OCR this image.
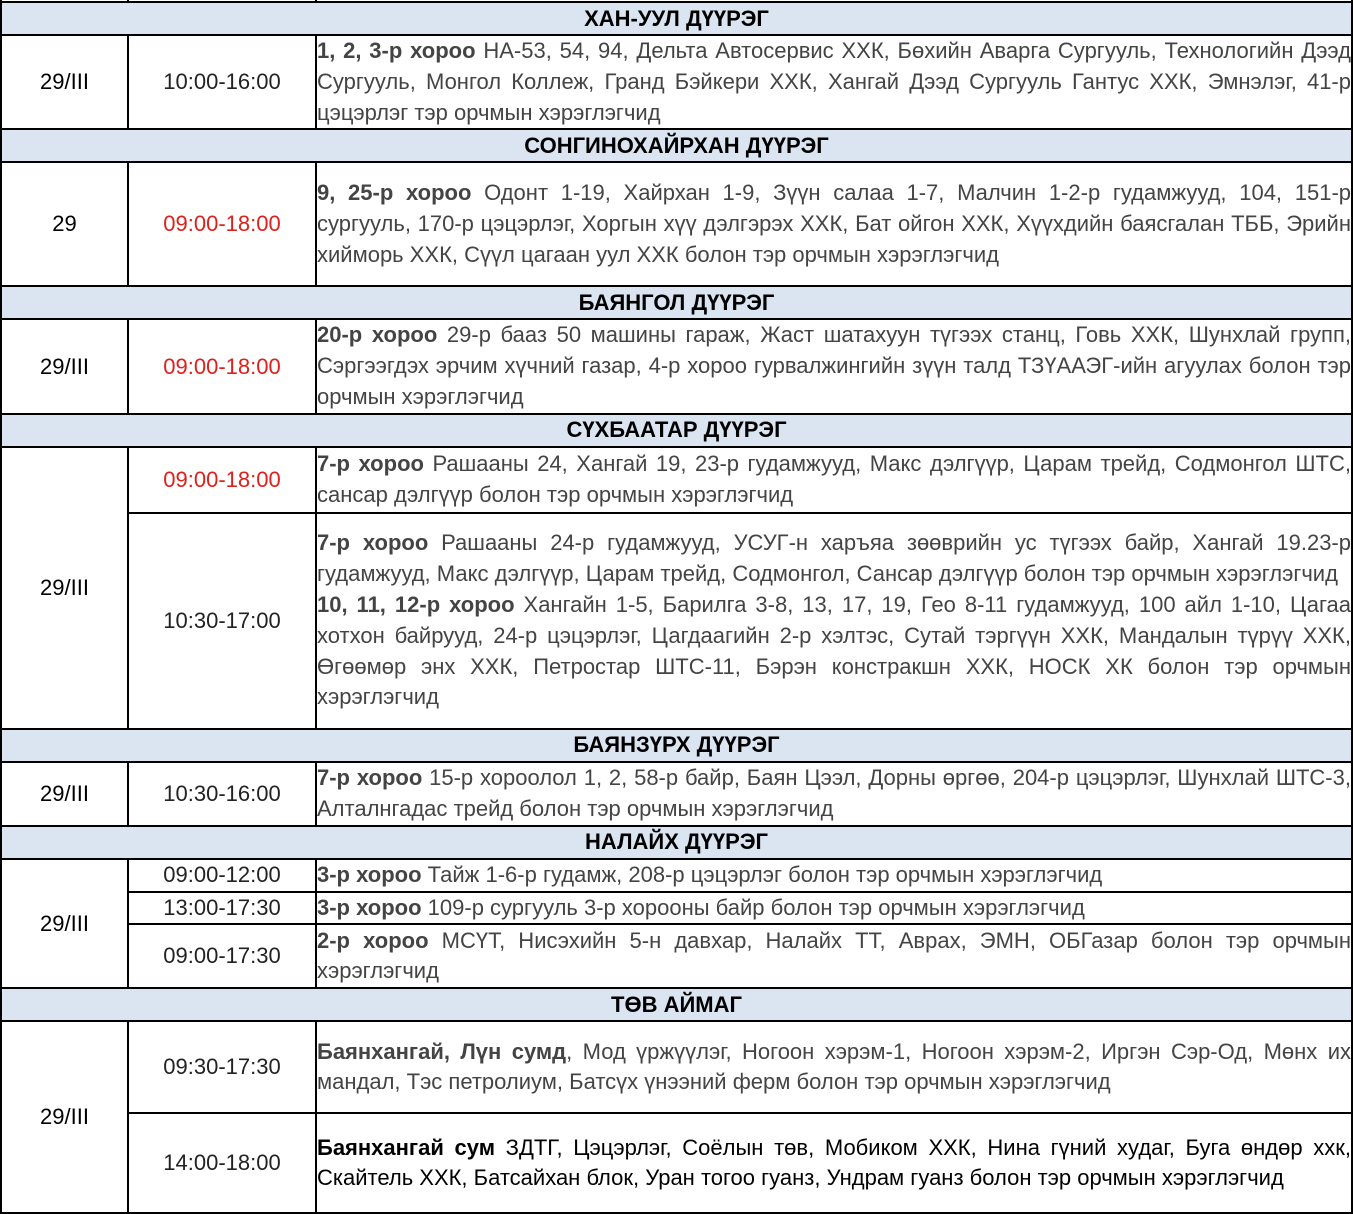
ХАН-УУЛ ДҮҮРЭГ		
29/III	10:00-16:00	1, 2, 3-р хороо НА-53, 54, 94, Дельта Автосервис ХХК, Бөхийн Аварга Сургууль, Технологийн Дээд Сургууль, Монгол Коллеж, Гранд Бэйкери ХХК, Хангай Дээд Сургууль Гантус ХХК, Эмнэлэг, 41-р цэцэрлэг тэр орчмын хэрэглэгчид
СОНГИНОХАЙРХАН ДҮҮРЭГ		
29	09:00-18:00	9, 25-р хороо Одонт 1-19, Хайрхан 1-9, Зүүн салаа 1-7, Малчин 1-2-р гудамжууд, 104, 151-р сургууль, 170-р цэцэрлэг, Хоргын хүү дэлгэрэх ХХК, Бат ойгон ХХК, Хүүхдийн баясгалан ТББ, Эрийн хийморь ХХК, Сүүл цагаан уул ХХК болон тэр орчмын хэрэглэгчид
БАЯНГОЛ ДҮҮРЭГ		
29/III	09:00-18:00	20-р хороо 29-р бааз 50 машины гараж, Жаст шатахуун түгээх станц, Говь ХХК, Шунхлай групп, Сэргээгдэх эрчим хүчний газар, 4-р хороо гурвалжингийн зүүн талд ТЗҮААЭГ-ийн агуулах болон тэр орчмын хэрэглэгчид
СҮХБААТАР ДҮҮРЭГ		
29/III	09:00-18:00	7-р хороо Рашааны 24, Хангай 19, 23-р гудамжууд, Макс дэлгүүр, Царам трейд, Содмонгол ШТС, сансар дэлгүүр болон тэр орчмын хэрэглэгчид
	10:30-17:00	7-р хороо Рашааны 24-р гудамжууд, УСУГ-н харъяа зөөврийн ус түгээх байр, Хангай 19.23-р гудамжууд, Макс дэлгүүр, Царам трейд, Содмонгол, Сансар дэлгүүр болон тэр орчмын хэрэглэгчид
10, 11, 12-р хороо Хангайн 1-5, Барилга 3-8, 13, 17, 19, Гео 8-11 гудамжууд, 100 айл 1-10, Цагаа хотхон байрууд, 24-р цэцэрлэг, Цагдаагийн 2-р хэлтэс, Сутай тэргүүн ХХК, Мандалын түрүү ХХК, Өгөөмөр энх ХХК, Петростар ШТС-11, Бэрэн констракшн ХХК, НОСК ХК болон тэр орчмын хэрэглэгчид

БАЯНЗҮРХ ДҮҮРЭГ		
29/III	10:30-16:00	7-р хороо 15-р хороолол 1, 2, 58-р байр, Баян Цээл, Дорны өргөө, 204-р цэцэрлэг, Шунхлай ШТС-3, Алталнгадас трейд болон тэр орчмын хэрэглэгчид
НАЛАЙХ ДҮҮРЭГ		
29/III	09:00-12:00	3-р хороо Тайж 1-6-р гудамж, 208-р цэцэрлэг болон тэр орчмын хэрэглэгчид
	13:00-17:30	3-р хороо 109-р сургууль 3-р хорооны байр болон тэр орчмын хэрэглэгчид
	09:00-17:30	2-р хороо МСҮТ, Нисэхийн 5-н давхар, Налайх ТТ, Аврах, ЭМН, ОБГазар болон тэр орчмын хэрэглэгчид
ТӨВ АЙМАГ		
29/III	09:30-17:30	Баянхангай, Лүн сумд, Мод үржүүлэг, Ногоон хэрэм-1, Ногоон хэрэм-2, Иргэн Сэр-Од, Мөнх их мандал, Тэс петролиум, Батсүх үнээний ферм болон тэр орчмын хэрэглэгчид
	14:00-18:00	Баянхангай сум ЗДТГ, Цэцэрлэг, Соёлын төв, Мобиком ХХК, Нина гүний худаг, Буга өндөр ххк, Скайтель ХХК, Батсайхан блок, Уран тогоо гуанз, Ундрам гуанз болон тэр орчмын хэрэглэгчид
